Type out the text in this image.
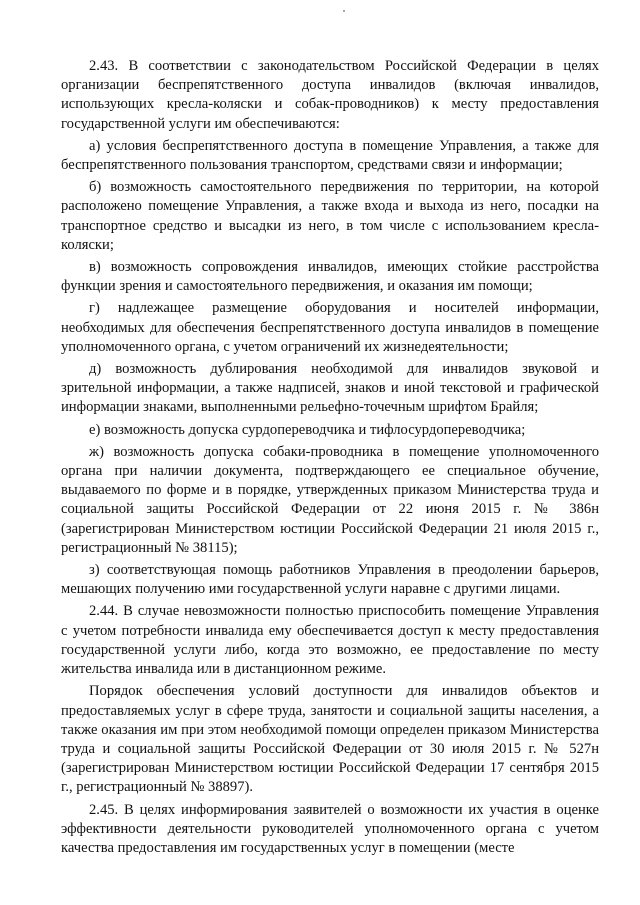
2.43. В соответствии с законодательством Российской Федерации в целях организации беспрепятственного доступа инвалидов (включая инвалидов, использующих кресла-коляски и собак-проводников) к месту предоставления государственной услуги им обеспечиваются:

а) условия беспрепятственного доступа в помещение Управления, а также для беспрепятственного пользования транспортом, средствами связи и информации;

б) возможность самостоятельного передвижения по территории, на которой расположено помещение Управления, а также входа и выхода из него, посадки на транспортное средство и высадки из него, в том числе с использованием кресла-коляски;

в) возможность сопровождения инвалидов, имеющих стойкие расстройства функции зрения и самостоятельного передвижения, и оказания им помощи;

г) надлежащее размещение оборудования и носителей информации, необходимых для обеспечения беспрепятственного доступа инвалидов в помещение уполномоченного органа, с учетом ограничений их жизнедеятельности;

д) возможность дублирования необходимой для инвалидов звуковой и зрительной информации, а также надписей, знаков и иной текстовой и графической информации знаками, выполненными рельефно-точечным шрифтом Брайля;

е) возможность допуска сурдопереводчика и тифлосурдопереводчика;

ж) возможность допуска собаки-проводника в помещение уполномоченного органа при наличии документа, подтверждающего ее специальное обучение, выдаваемого по форме и в порядке, утвержденных приказом Министерства труда и социальной защиты Российской Федерации от 22 июня 2015 г. № 386н (зарегистрирован Министерством юстиции Российской Федерации 21 июля 2015 г., регистрационный № 38115);

з) соответствующая помощь работников Управления в преодолении барьеров, мешающих получению ими государственной услуги наравне с другими лицами.

2.44. В случае невозможности полностью приспособить помещение Управления с учетом потребности инвалида ему обеспечивается доступ к месту предоставления государственной услуги либо, когда это возможно, ее предоставление по месту жительства инвалида или в дистанционном режиме.

Порядок обеспечения условий доступности для инвалидов объектов и предоставляемых услуг в сфере труда, занятости и социальной защиты населения, а также оказания им при этом необходимой помощи определен приказом Министерства труда и социальной защиты Российской Федерации от 30 июля 2015 г. № 527н (зарегистрирован Министерством юстиции Российской Федерации 17 сентября 2015 г., регистрационный № 38897).

2.45. В целях информирования заявителей о возможности их участия в оценке эффективности деятельности руководителей уполномоченного органа с учетом качества предоставления им государственных услуг в помещении (месте
